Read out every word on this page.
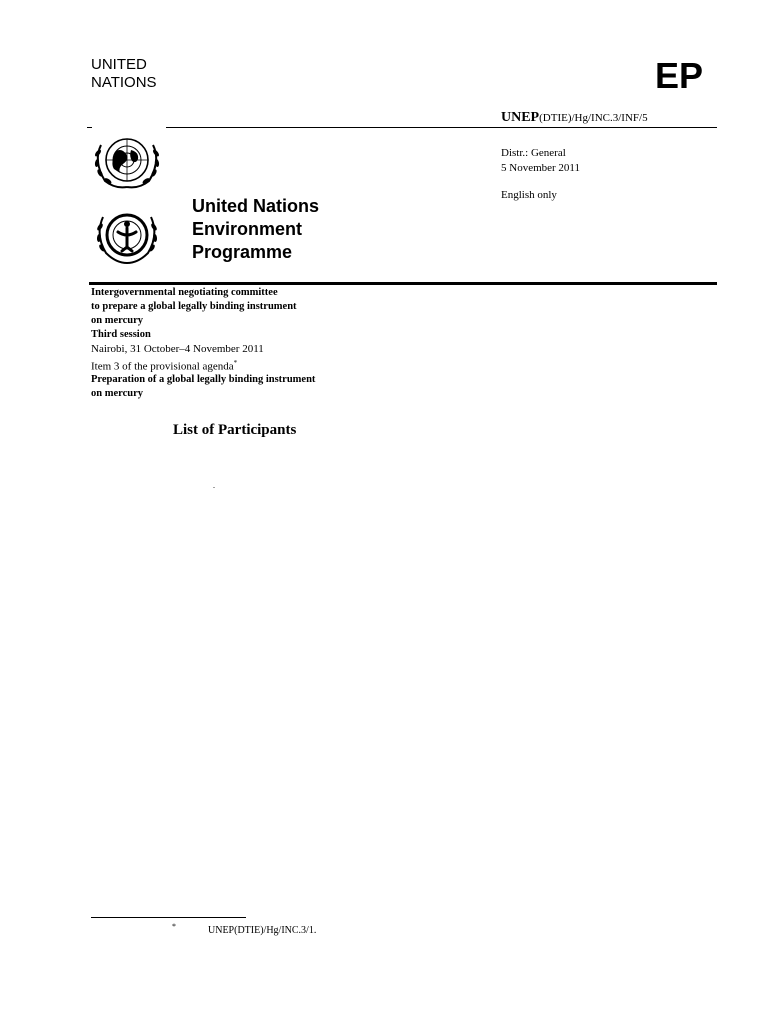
UNITED
NATIONS	EP
UNEP(DTIE)/Hg/INC.3/INF/5
Distr.: General
5 November 2011
English only
United Nations
Environment
Programme
Intergovernmental negotiating committee
to prepare a global legally binding instrument
on mercury
Third session
Nairobi, 31 October–4 November 2011
Item 3 of the provisional agenda*
Preparation of a global legally binding instrument
on mercury
List of Participants
.
*	UNEP(DTIE)/Hg/INC.3/1.
